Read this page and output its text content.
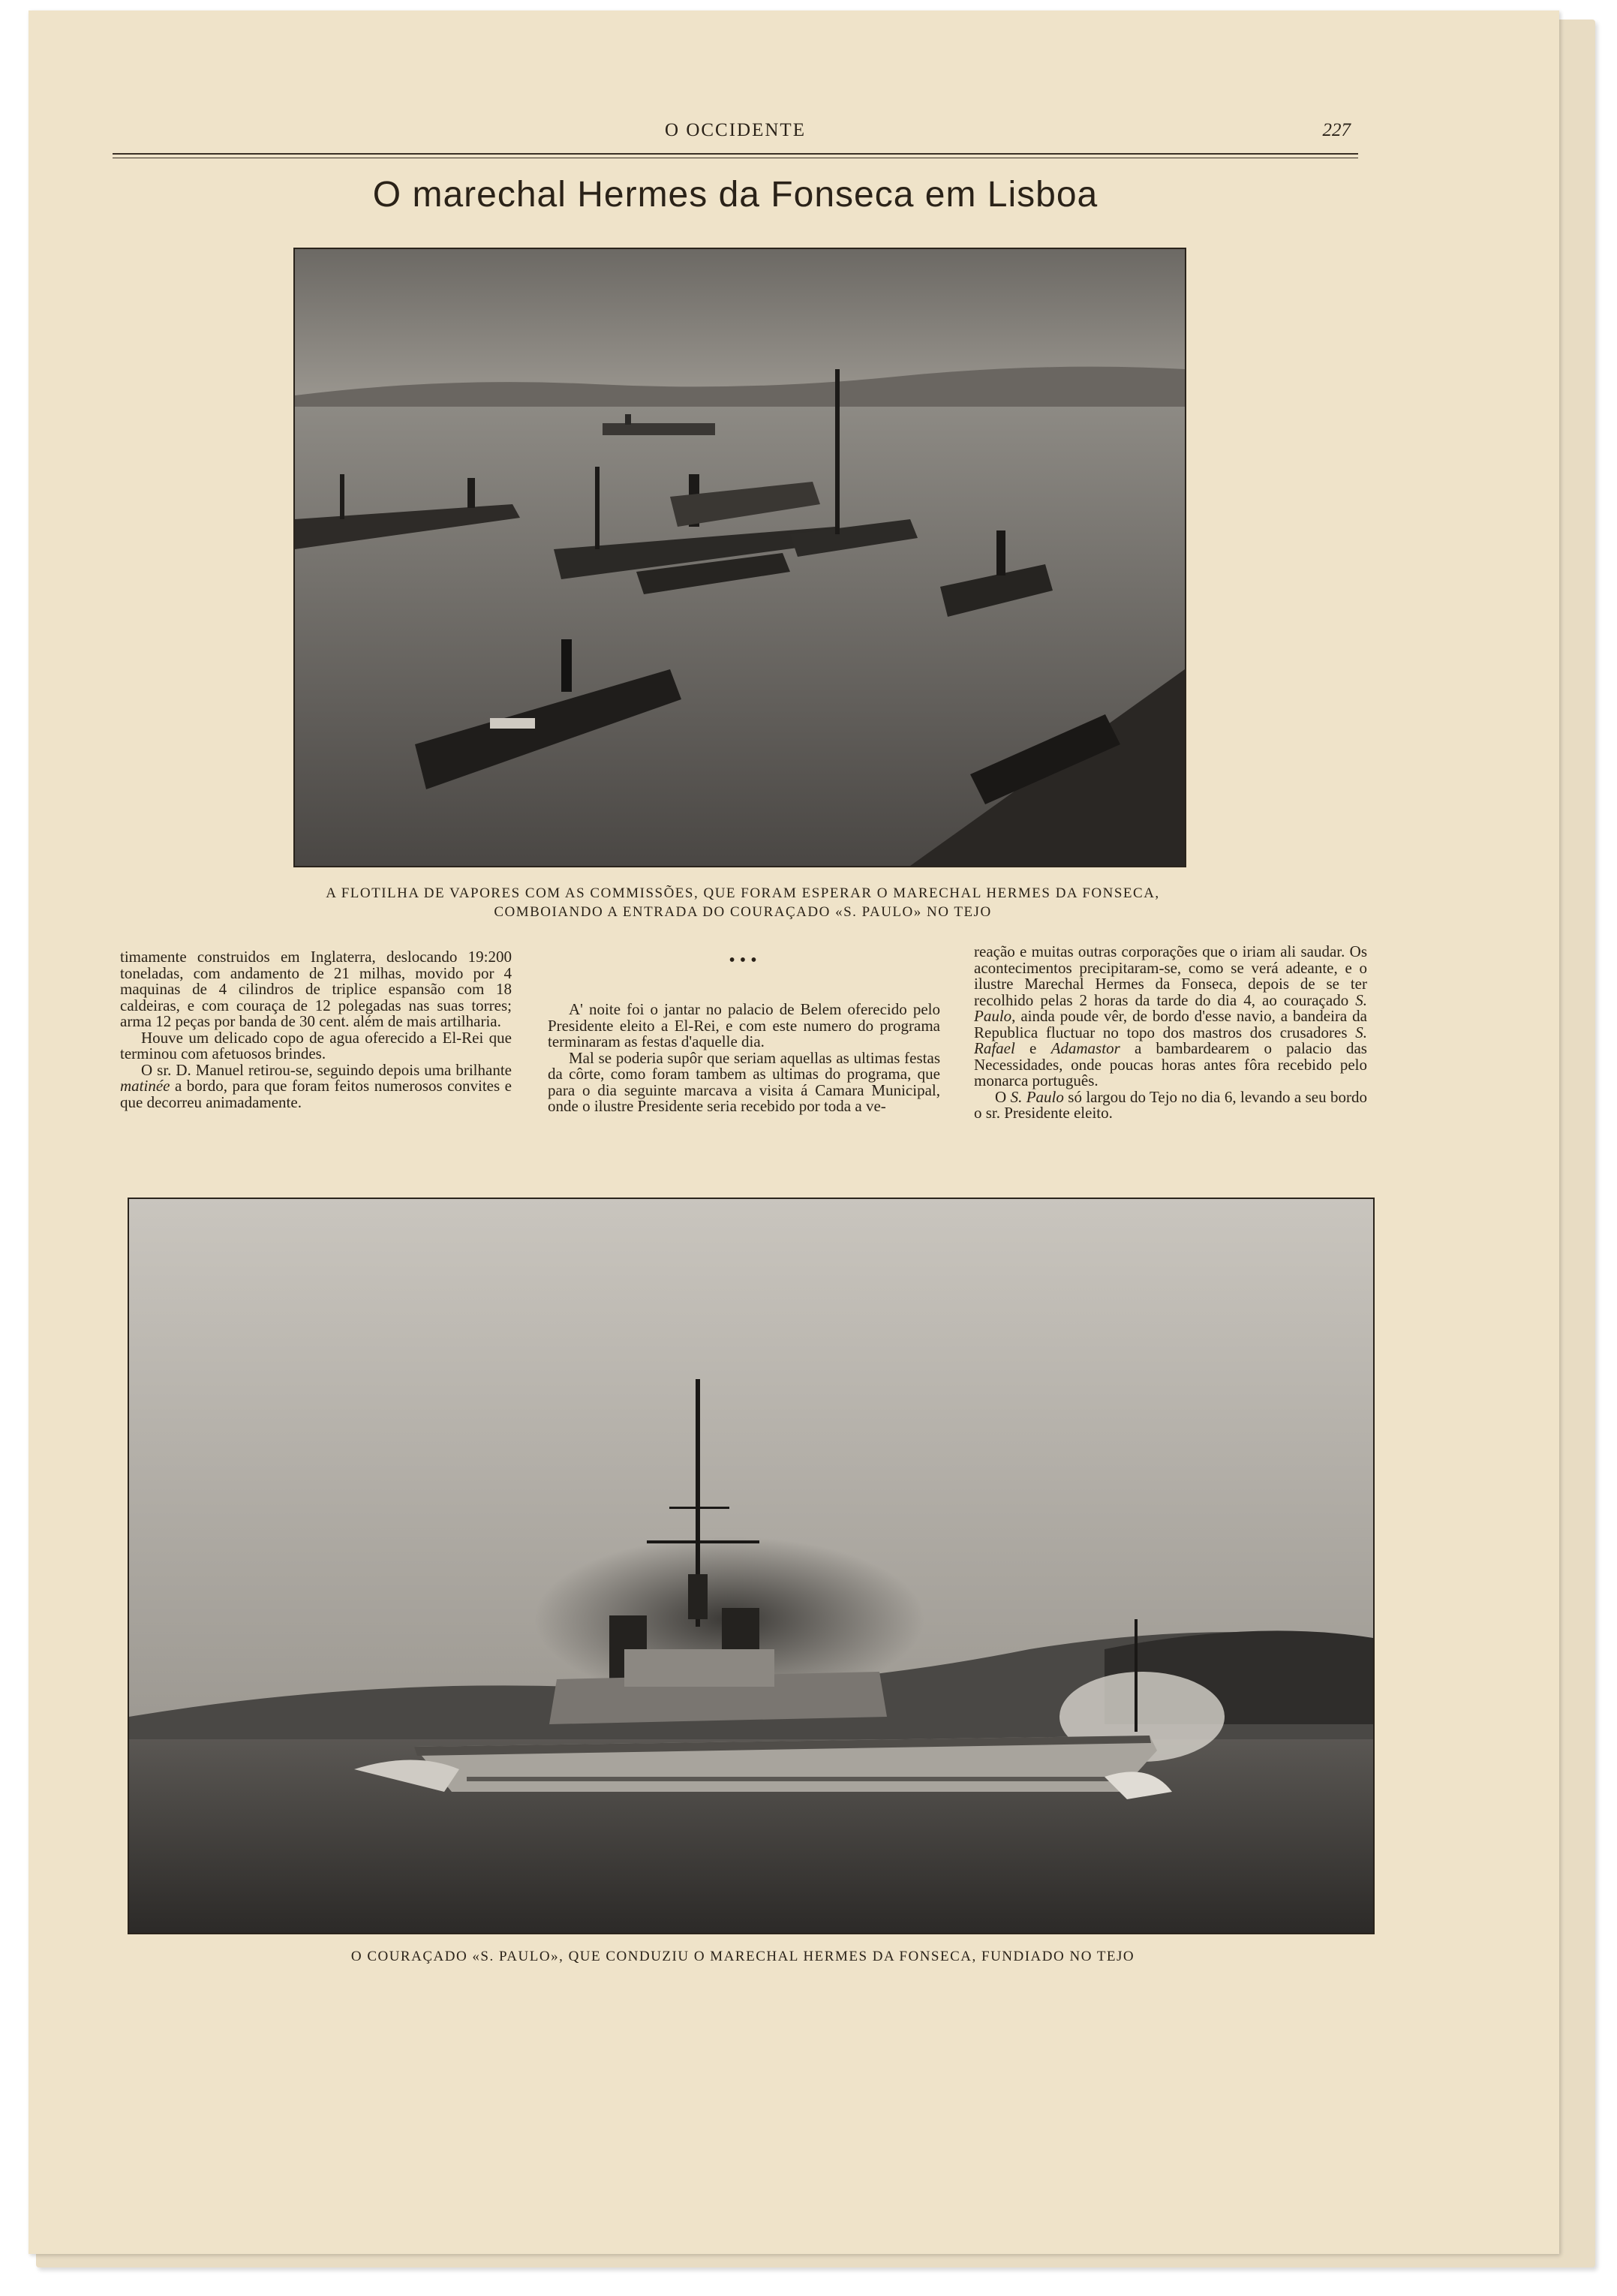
O OCCIDENTE	227
O marechal Hermes da Fonseca em Lisboa
A FLOTILHA DE VAPORES COM AS COMMISSÕES, QUE FORAM ESPERAR O MARECHAL HERMES DA FONSECA,
COMBOIANDO A ENTRADA DO COURAÇADO «S. PAULO» NO TEJO

timamente construidos em Inglaterra, deslocando 19:200 toneladas, com andamento de 21 milhas, movido por 4 maquinas de 4 cilindros de triplice espansão com 18 caldeiras, e com couraça de 12 polegadas nas suas torres; arma 12 peças por banda de 30 cent. além de mais artilharia.

Houve um delicado copo de agua oferecido a El-Rei que terminou com afetuosos brindes.

O sr. D. Manuel retirou-se, seguindo depois uma brilhante matinée a bordo, para que foram feitos numerosos convites e que decorreu animadamente.

• • •

A' noite foi o jantar no palacio de Belem oferecido pelo Presidente eleito a El-Rei, e com este numero do programa terminaram as festas d'aquelle dia.

Mal se poderia supôr que seriam aquellas as ultimas festas da côrte, como foram tambem as ultimas do programa, que para o dia seguinte marcava a visita á Camara Municipal, onde o ilustre Presidente seria recebido por toda a ve-

reação e muitas outras corporações que o iriam ali saudar. Os acontecimentos precipitaram-se, como se verá adeante, e o ilustre Marechal Hermes da Fonseca, depois de se ter recolhido pelas 2 horas da tarde do dia 4, ao couraçado S. Paulo, ainda poude vêr, de bordo d'esse navio, a bandeira da Republica fluctuar no topo dos mastros dos crusadores S. Rafael e Adamastor a bambardearem o palacio das Necessidades, onde poucas horas antes fôra recebido pelo monarca português.

O S. Paulo só largou do Tejo no dia 6, levando a seu bordo o sr. Presidente eleito.

O COURAÇADO «S. PAULO», QUE CONDUZIU O MARECHAL HERMES DA FONSECA, FUNDIADO NO TEJO
